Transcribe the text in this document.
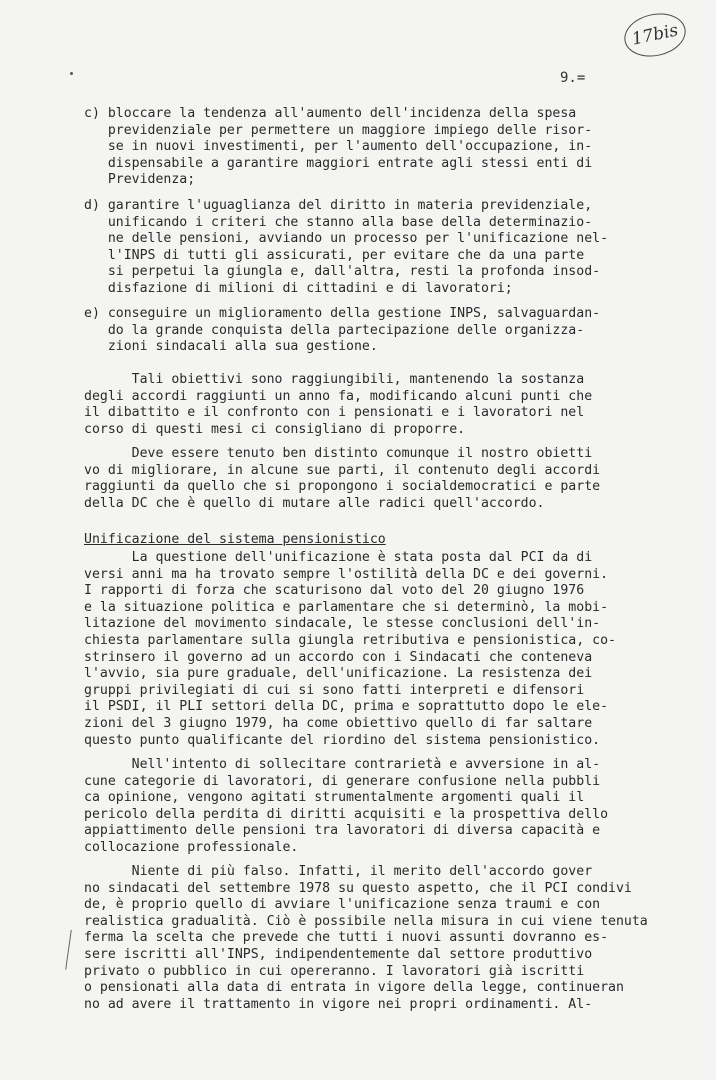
17bis
9.=
c) bloccare la tendenza all'aumento dell'incidenza della spesa
previdenziale per permettere un maggiore impiego delle risor-
se in nuovi investimenti, per l'aumento dell'occupazione, in-
dispensabile a garantire maggiori entrate agli stessi enti di
Previdenza;
d) garantire l'uguaglianza del diritto in materia previdenziale,
unificando i criteri che stanno alla base della determinazio-
ne delle pensioni, avviando un processo per l'unificazione nel-
l'INPS di tutti gli assicurati, per evitare che da una parte
si perpetui la giungla e, dall'altra, resti la profonda insod-
disfazione di milioni di cittadini e di lavoratori;
e) conseguire un miglioramento della gestione INPS, salvaguardan-
do la grande conquista della partecipazione delle organizza-
zioni sindacali alla sua gestione.
Tali obiettivi sono raggiungibili, mantenendo la sostanza
degli accordi raggiunti un anno fa, modificando alcuni punti che
il dibattito e il confronto con i pensionati e i lavoratori nel
corso di questi mesi ci consigliano di proporre.
Deve essere tenuto ben distinto comunque il nostro obietti
vo di migliorare, in alcune sue parti, il contenuto degli accordi
raggiunti da quello che si propongono i socialdemocratici e parte
della DC che è quello di mutare alle radici quell'accordo.
La questione dell'unificazione è stata posta dal PCI da di
versi anni ma ha trovato sempre l'ostilità della DC e dei governi.
I rapporti di forza che scaturisono dal voto del 20 giugno 1976
e la situazione politica e parlamentare che si determinò, la mobi-
litazione del movimento sindacale, le stesse conclusioni dell'in-
chiesta parlamentare sulla giungla retributiva e pensionistica, co-
strinsero il governo ad un accordo con i Sindacati che conteneva
l'avvio, sia pure graduale, dell'unificazione. La resistenza dei
gruppi privilegiati di cui si sono fatti interpreti e difensori
il PSDI, il PLI settori della DC, prima e soprattutto dopo le ele-
zioni del 3 giugno 1979, ha come obiettivo quello di far saltare
questo punto qualificante del riordino del sistema pensionistico.
Nell'intento di sollecitare contrarietà e avversione in al-
cune categorie di lavoratori, di generare confusione nella pubbli
ca opinione, vengono agitati strumentalmente argomenti quali il
pericolo della perdita di diritti acquisiti e la prospettiva dello
appiattimento delle pensioni tra lavoratori di diversa capacità e
collocazione professionale.
Niente di più falso. Infatti, il merito dell'accordo gover
no sindacati del settembre 1978 su questo aspetto, che il PCI condivi
de, è proprio quello di avviare l'unificazione senza traumi e con
realistica gradualità. Ciò è possibile nella misura in cui viene tenuta
ferma la scelta che prevede che tutti i nuovi assunti dovranno es-
sere iscritti all'INPS, indipendentemente dal settore produttivo
privato o pubblico in cui opereranno. I lavoratori già iscritti
o pensionati alla data di entrata in vigore della legge, continueran
no ad avere il trattamento in vigore nei propri ordinamenti. Al-
Unificazione del sistema pensionistico
